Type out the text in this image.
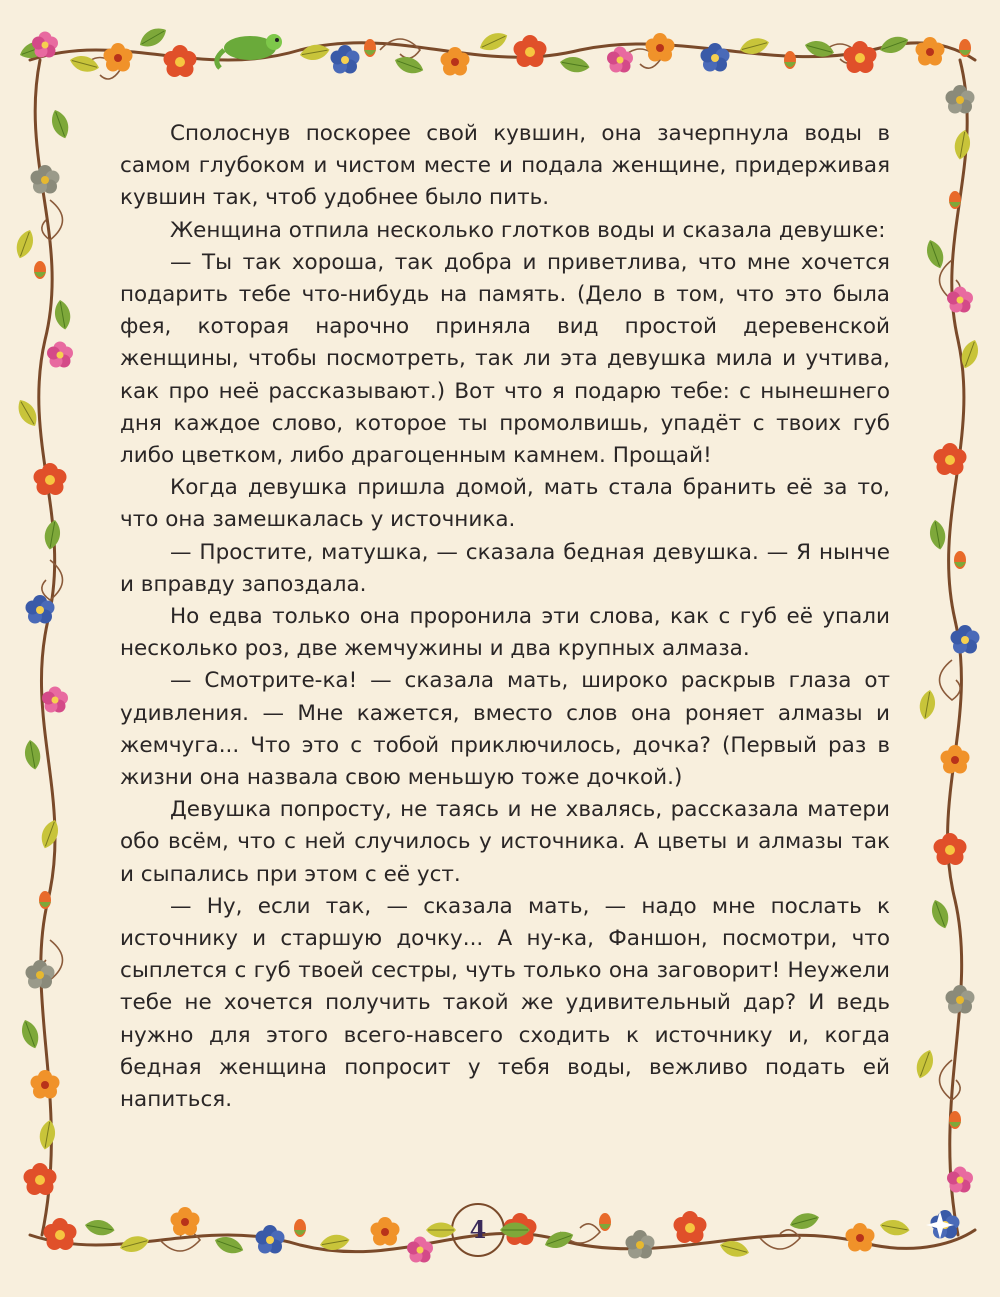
Сполоснув поскорее свой кувшин, она зачерпнула воды в самом глубоком и чистом месте и подала женщине, придерживая кувшин так, чтоб удобнее было пить.

Женщина отпила несколько глотков воды и сказала девушке:

— Ты так хороша, так добра и приветлива, что мне хочется подарить тебе что-нибудь на память. (Дело в том, что это была фея, которая нарочно приняла вид простой деревенской женщины, чтобы посмотреть, так ли эта девушка мила и учтива, как про неё рассказывают.) Вот что я подарю тебе: с нынешнего дня каждое слово, которое ты промолвишь, упадёт с твоих губ либо цветком, либо драгоценным камнем. Прощай!

Когда девушка пришла домой, мать стала бранить её за то, что она замешкалась у источника.

— Простите, матушка, — сказала бедная девушка. — Я нынче и вправду запоздала.

Но едва только она проронила эти слова, как с губ её упали несколько роз, две жемчужины и два крупных алмаза.

— Смотрите-ка! — сказала мать, широко раскрыв глаза от удивления. — Мне кажется, вместо слов она роняет алмазы и жемчуга... Что это с тобой приключилось, дочка? (Первый раз в жизни она назвала свою меньшую тоже дочкой.)

Девушка попросту, не таясь и не хвалясь, рассказала матери обо всём, что с ней случилось у источника. А цветы и алмазы так и сыпались при этом с её уст.

— Ну, если так, — сказала мать, — надо мне послать к источнику и старшую дочку... А ну-ка, Фаншон, посмотри, что сыплется с губ твоей сестры, чуть только она заговорит! Неужели тебе не хочется получить такой же удивительный дар? И ведь нужно для этого всего-навсего сходить к источнику и, когда бедная женщина попросит у тебя воды, вежливо подать ей напиться.

4
